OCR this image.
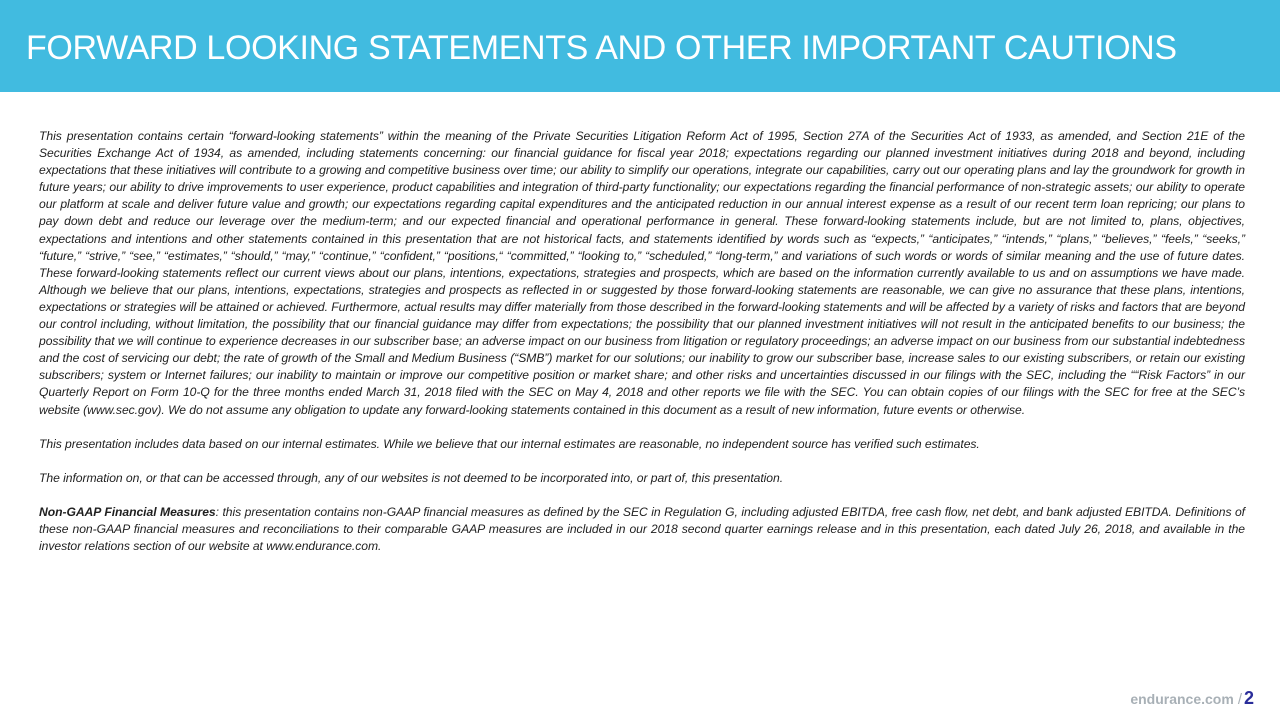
FORWARD LOOKING STATEMENTS AND OTHER IMPORTANT CAUTIONS

This presentation contains certain “forward-looking statements” within the meaning of the Private Securities Litigation Reform Act of 1995, Section 27A of the Securities Act of 1933, as amended, and Section 21E of the Securities Exchange Act of 1934, as amended, including statements concerning: our financial guidance for fiscal year 2018; expectations regarding our planned investment initiatives during 2018 and beyond, including expectations that these initiatives will contribute to a growing and competitive business over time; our ability to simplify our operations, integrate our capabilities, carry out our operating plans and lay the groundwork for growth in future years; our ability to drive improvements to user experience, product capabilities and integration of third-party functionality; our expectations regarding the financial performance of non-strategic assets; our ability to operate our platform at scale and deliver future value and growth; our expectations regarding capital expenditures and the anticipated reduction in our annual interest expense as a result of our recent term loan repricing; our plans to pay down debt and reduce our leverage over the medium-term; and our expected financial and operational performance in general. These forward-looking statements include, but are not limited to, plans, objectives, expectations and intentions and other statements contained in this presentation that are not historical facts, and statements identified by words such as “expects,” “anticipates,” “intends,” “plans,” “believes,” “feels,” “seeks,” “future,” “strive,” “see,” “estimates,” “should,” “may,” “continue,” “confident,” “positions,“ “committed,” “looking to,” “scheduled,” “long-term,” and variations of such words or words of similar meaning and the use of future dates. These forward-looking statements reflect our current views about our plans, intentions, expectations, strategies and prospects, which are based on the information currently available to us and on assumptions we have made. Although we believe that our plans, intentions, expectations, strategies and prospects as reflected in or suggested by those forward-looking statements are reasonable, we can give no assurance that these plans, intentions, expectations or strategies will be attained or achieved. Furthermore, actual results may differ materially from those described in the forward-looking statements and will be affected by a variety of risks and factors that are beyond our control including, without limitation, the possibility that our financial guidance may differ from expectations; the possibility that our planned investment initiatives will not result in the anticipated benefits to our business; the possibility that we will continue to experience decreases in our subscriber base; an adverse impact on our business from litigation or regulatory proceedings; an adverse impact on our business from our substantial indebtedness and the cost of servicing our debt; the rate of growth of the Small and Medium Business (“SMB”) market for our solutions; our inability to grow our subscriber base, increase sales to our existing subscribers, or retain our existing subscribers; system or Internet failures; our inability to maintain or improve our competitive position or market share; and other risks and uncertainties discussed in our filings with the SEC, including the ““Risk Factors” in our Quarterly Report on Form 10-Q for the three months ended March 31, 2018 filed with the SEC on May 4, 2018 and other reports we file with the SEC. You can obtain copies of our filings with the SEC for free at the SEC’s website (www.sec.gov). We do not assume any obligation to update any forward-looking statements contained in this document as a result of new information, future events or otherwise.

This presentation includes data based on our internal estimates. While we believe that our internal estimates are reasonable, no independent source has verified such estimates.

The information on, or that can be accessed through, any of our websites is not deemed to be incorporated into, or part of, this presentation.

Non-GAAP Financial Measures: this presentation contains non-GAAP financial measures as defined by the SEC in Regulation G, including adjusted EBITDA, free cash flow, net debt, and bank adjusted EBITDA. Definitions of these non-GAAP financial measures and reconciliations to their comparable GAAP measures are included in our 2018 second quarter earnings release and in this presentation, each dated July 26, 2018, and available in the investor relations section of our website at www.endurance.com.

endurance.com / 2
